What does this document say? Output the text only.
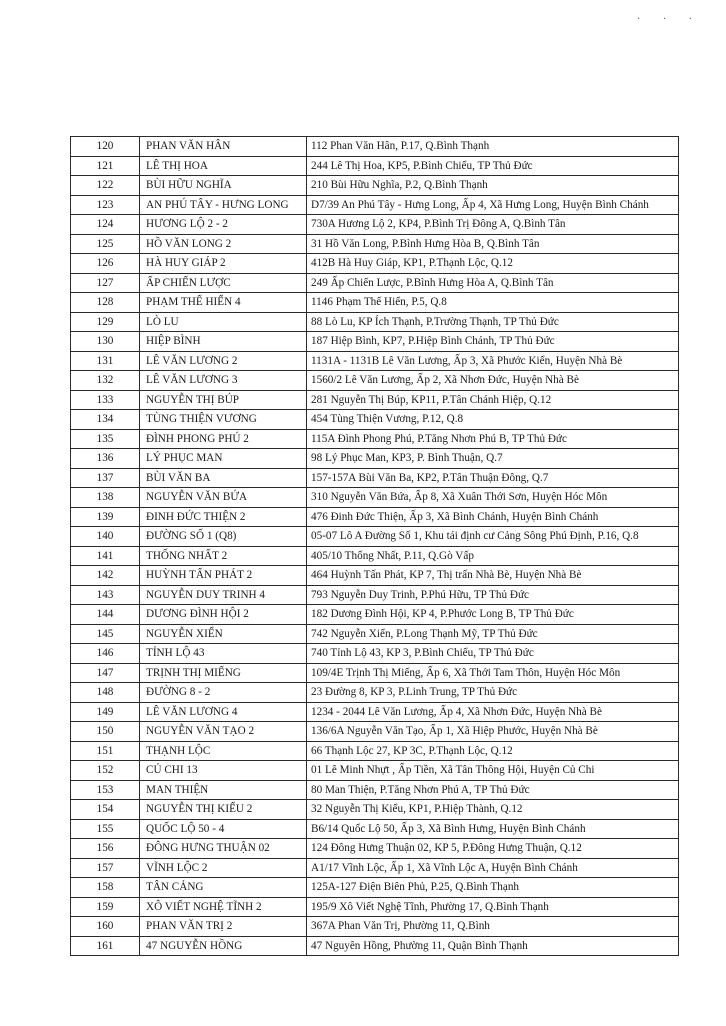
· · ·
120	PHAN VĂN HÂN	112 Phan Văn Hân, P.17, Q.Bình Thạnh
121	LÊ THỊ HOA	244 Lê Thị Hoa, KP5, P.Bình Chiểu, TP Thủ Đức
122	BÙI HỮU NGHĨA	210 Bùi Hữu Nghĩa, P.2, Q.Bình Thạnh
123	AN PHÚ TÂY - HƯNG LONG	D7/39 An Phú Tây - Hưng Long, Ấp 4, Xã Hưng Long, Huyện Bình Chánh
124	HƯƠNG LỘ 2 - 2	730A Hương Lộ 2, KP4, P.Bình Trị Đông A, Q.Bình Tân
125	HỒ VĂN LONG 2	31 Hồ Văn Long, P.Bình Hưng Hòa B, Q.Bình Tân
126	HÀ HUY GIÁP 2	412B Hà Huy Giáp, KP1, P.Thạnh Lộc, Q.12
127	ẤP CHIẾN LƯỢC	249 Ấp Chiến Lược, P.Bình Hưng Hòa A, Q.Bình Tân
128	PHẠM THẾ HIỂN 4	1146 Phạm Thế Hiển, P.5, Q.8
129	LÒ LU	88 Lò Lu, KP Ích Thạnh, P.Trường Thạnh, TP Thủ Đức
130	HIỆP BÌNH	187 Hiệp Bình, KP7, P.Hiệp Bình Chánh, TP Thủ Đức
131	LÊ VĂN LƯƠNG 2	1131A - 1131B Lê Văn Lương, Ấp 3, Xã Phước Kiển, Huyện Nhà Bè
132	LÊ VĂN LƯƠNG 3	1560/2 Lê Văn Lương, Ấp 2, Xã Nhơn Đức, Huyện Nhà Bè
133	NGUYỄN THỊ BÚP	281 Nguyễn Thị Búp, KP11, P.Tân Chánh Hiệp, Q.12
134	TÙNG THIỆN VƯƠNG	454 Tùng Thiện Vương, P.12, Q.8
135	ĐÌNH PHONG PHÚ 2	115A Đình Phong Phú, P.Tăng Nhơn Phú B, TP Thủ Đức
136	LÝ PHỤC MAN	98 Lý Phục Man, KP3, P. Bình Thuận, Q.7
137	BÙI VĂN BA	157-157A Bùi Văn Ba, KP2, P.Tân Thuận Đông, Q.7
138	NGUYỄN VĂN BỨA	310 Nguyễn Văn Bứa, Ấp 8, Xã Xuân Thới Sơn, Huyện Hóc Môn
139	ĐINH ĐỨC THIỆN 2	476 Đinh Đức Thiện, Ấp 3, Xã Bình Chánh, Huyện Bình Chánh
140	ĐƯỜNG SỐ 1 (Q8)	05-07 Lô A Đường Số 1, Khu tái định cư Cảng Sông Phú Định, P.16, Q.8
141	THỐNG NHẤT 2	405/10 Thống Nhất, P.11, Q.Gò Vấp
142	HUỲNH TẤN PHÁT 2	464 Huỳnh Tấn Phát, KP 7, Thị trấn Nhà Bè, Huyện Nhà Bè
143	NGUYỄN DUY TRINH 4	793 Nguyễn Duy Trinh, P.Phú Hữu, TP Thủ Đức
144	DƯƠNG ĐÌNH HỘI 2	182 Dương Đình Hội, KP 4, P.Phước Long B, TP Thủ Đức
145	NGUYỄN XIỂN	742 Nguyễn Xiển, P.Long Thạnh Mỹ, TP Thủ Đức
146	TỈNH LỘ 43	740 Tỉnh Lộ 43, KP 3, P.Bình Chiểu, TP Thủ Đức
147	TRỊNH THỊ MIẾNG	109/4E Trịnh Thị Miếng, Ấp 6, Xã Thới Tam Thôn, Huyện Hóc Môn
148	ĐƯỜNG 8 - 2	23 Đường 8, KP 3, P.Linh Trung, TP Thủ Đức
149	LÊ VĂN LƯƠNG 4	1234 - 2044 Lê Văn Lương, Ấp 4, Xã Nhơn Đức, Huyện Nhà Bè
150	NGUYỄN VĂN TẠO 2	136/6A Nguyễn Văn Tạo, Ấp 1, Xã Hiệp Phước, Huyện Nhà Bè
151	THẠNH LỘC	66 Thạnh Lộc 27, KP 3C, P.Thạnh Lộc, Q.12
152	CỦ CHI 13	01 Lê Minh Nhựt , Ấp Tiền, Xã Tân Thông Hội, Huyện Củ Chi
153	MAN THIỆN	80 Man Thiện, P.Tăng Nhơn Phú A, TP Thủ Đức
154	NGUYỄN THỊ KIỂU 2	32 Nguyễn Thị Kiểu, KP1, P.Hiệp Thành, Q.12
155	QUỐC LỘ 50 - 4	B6/14 Quốc Lộ 50, Ấp 3, Xã Bình Hưng, Huyện Bình Chánh
156	ĐÔNG HƯNG THUẬN 02	124 Đông Hưng Thuận 02, KP 5, P.Đông Hưng Thuận, Q.12
157	VĨNH LỘC 2	A1/17 Vĩnh Lộc, Ấp 1, Xã Vĩnh Lộc A, Huyện Bình Chánh
158	TÂN CẢNG	125A-127 Điện Biên Phủ, P.25, Q.Bình Thạnh
159	XÔ VIẾT NGHỆ TĨNH 2	195/9 Xô Viết Nghệ Tĩnh, Phường 17, Q.Bình Thạnh
160	PHAN VĂN TRỊ 2	367A Phan Văn Trị, Phường 11, Q.Bình
161	47 NGUYỄN HỒNG	47 Nguyên Hồng, Phường 11, Quận Bình Thạnh
